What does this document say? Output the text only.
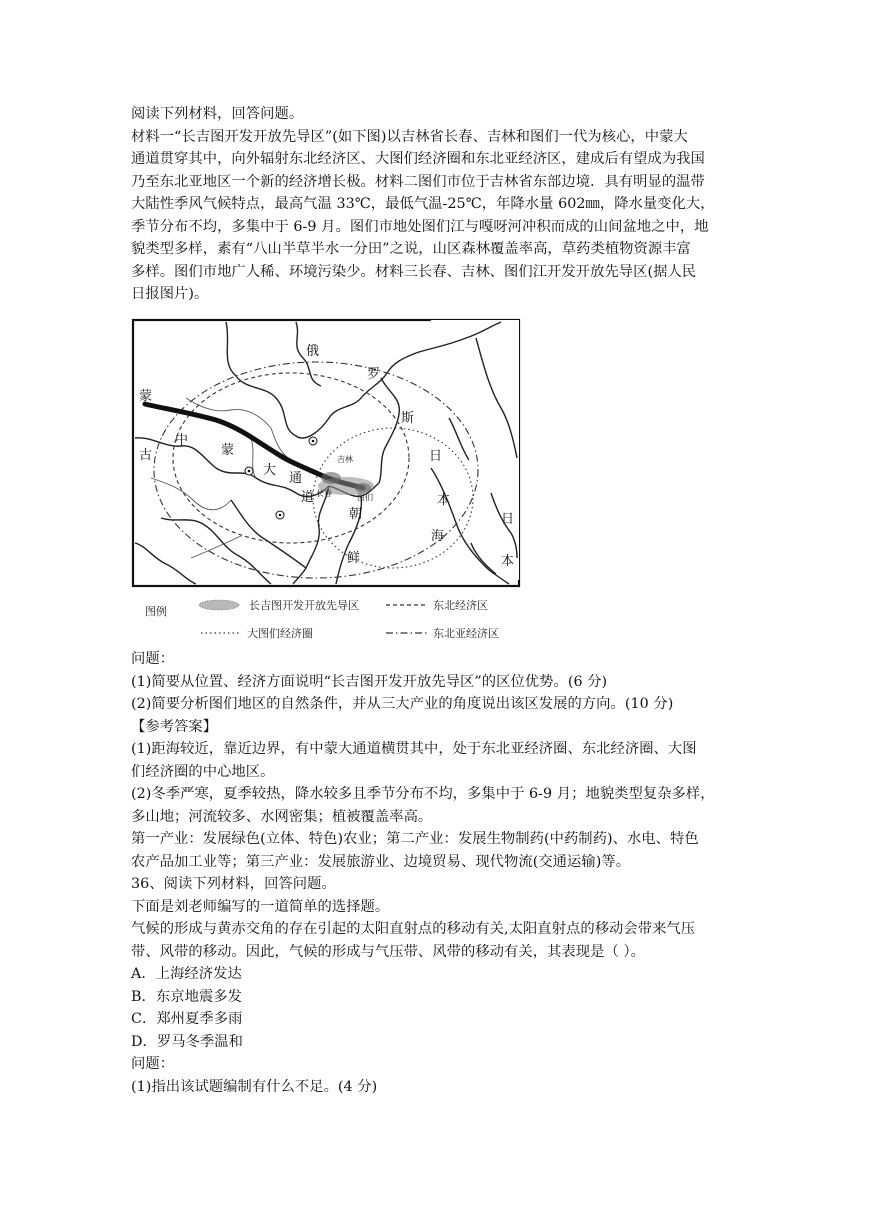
阅读下列材料，回答问题。
材料一“长吉图开发开放先导区”(如下图)以吉林省长春、吉林和图们一代为核心，中蒙大
通道贯穿其中，向外辐射东北经济区、大图们经济圈和东北亚经济区，建成后有望成为我国
乃至东北亚地区一个新的经济增长极。材料二图们市位于吉林省东部边境．具有明显的温带
大陆性季风气候特点，最高气温 33℃，最低气温-25℃，年降水量 602㎜，降水量变化大，
季节分布不均，多集中于 6-9 月。图们市地处图们江与嘎呀河冲积而成的山间盆地之中，地
貌类型多样，素有“八山半草半水一分田”之说，山区森林覆盖率高，草药类植物资源丰富
多样。图们市地广人稀、环境污染少。材料三长春、吉林、图们江开发开放先导区(据人民
日报图片)。
俄
罗
斯
蒙
古
中
蒙
大
通
道
日
本
海
日
本
朝
鲜
吉林
长春	图们
图例	长吉图开发开放先导区	东北经济区
大图们经济圈	东北亚经济区
问题：
(1)简要从位置、经济方面说明“长吉图开发开放先导区”的区位优势。(6 分)
(2)简要分析图们地区的自然条件，并从三大产业的角度说出该区发展的方向。(10 分)
【参考答案】
(1)距海较近，靠近边界，有中蒙大通道横贯其中，处于东北亚经济圈、东北经济圈、大图
们经济圈的中心地区。
(2)冬季严寒，夏季较热，降水较多且季节分布不均，多集中于 6-9 月；地貌类型复杂多样，
多山地；河流较多、水网密集；植被覆盖率高。
第一产业：发展绿色(立体、特色)农业；第二产业：发展生物制药(中药制药)、水电、特色
农产品加工业等；第三产业：发展旅游业、边境贸易、现代物流(交通运输)等。
36、阅读下列材料，回答问题。
下面是刘老师编写的一道简单的选择题。
气候的形成与黄赤交角的存在引起的太阳直射点的移动有关,太阳直射点的移动会带来气压
带、风带的移动。因此，气候的形成与气压带、风带的移动有关，其表现是（ ）。
A．上海经济发达
B．东京地震多发
C．郑州夏季多雨
D．罗马冬季温和
问题：
(1)指出该试题编制有什么不足。(4 分)
